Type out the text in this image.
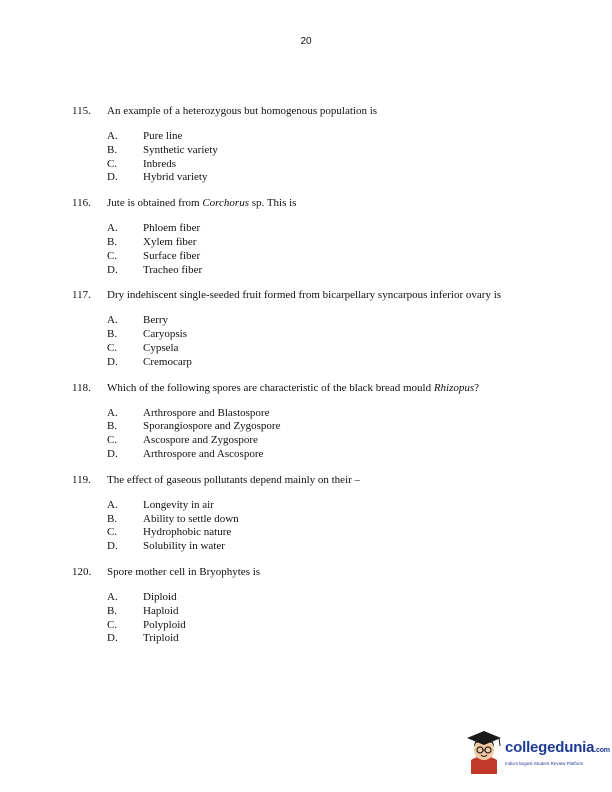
20
115.	An example of a heterozygous but homogenous population is
A.	Pure line
B.	Synthetic variety
C.	Inbreds
D.	Hybrid variety
116.	Jute is obtained from Corchorus sp. This is
A.	Phloem fiber
B.	Xylem fiber
C.	Surface fiber
D.	Tracheo fiber
117.	Dry indehiscent single-seeded fruit formed from bicarpellary syncarpous inferior ovary is
A.	Berry
B.	Caryopsis
C.	Cypsela
D.	Cremocarp
118.	Which of the following spores are characteristic of the black bread mould Rhizopus?
A.	Arthrospore and Blastospore
B.	Sporangiospore and Zygospore
C.	Ascospore and Zygospore
D.	Arthrospore and Ascospore
119.	The effect of gaseous pollutants depend mainly on their –
A.	Longevity in air
B.	Ability to settle down
C.	Hydrophobic nature
D.	Solubility in water
120.	Spore mother cell in Bryophytes is
A.	Diploid
B.	Haploid
C.	Polyploid
D.	Triploid
collegedunia.com
India's largest Student Review Platform
